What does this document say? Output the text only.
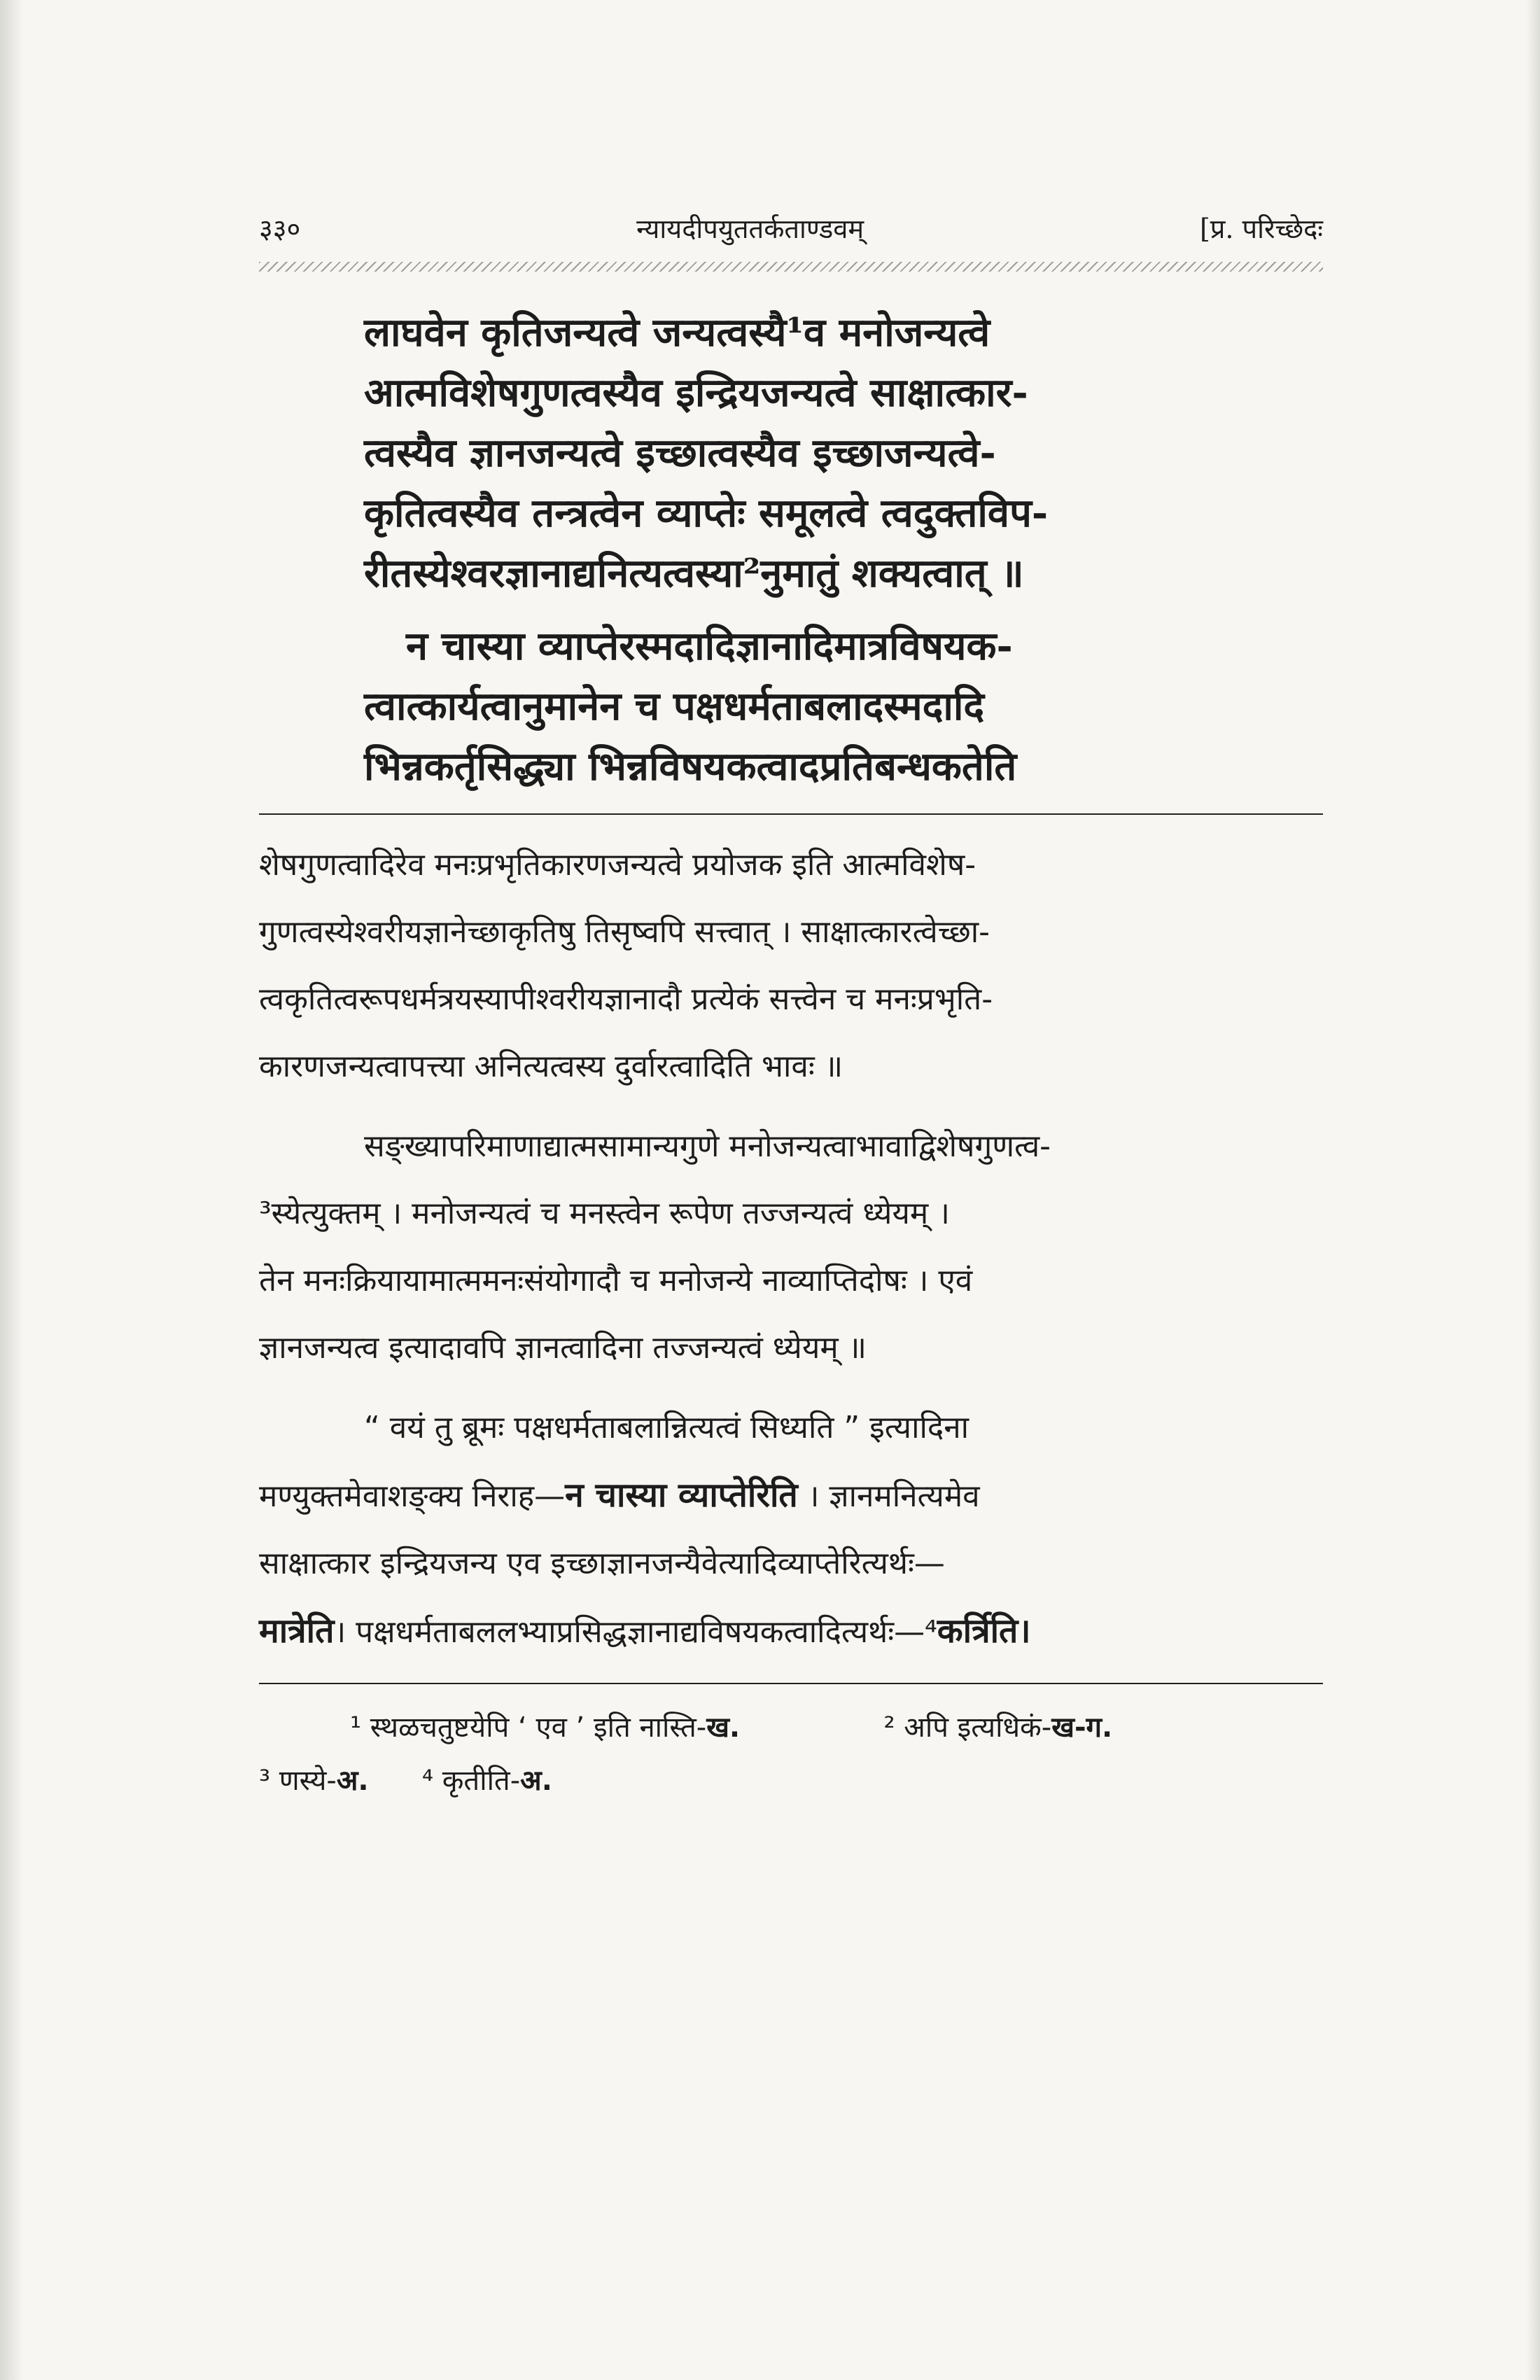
३३०	न्यायदीपयुततर्कताण्डवम्	[प्र. परिच्छेदः
लाघवेन कृतिजन्यत्वे जन्यत्वस्यै¹व मनोजन्यत्वे
आत्मविशेषगुणत्वस्यैव इन्द्रियजन्यत्वे साक्षात्कार-
त्वस्यैव ज्ञानजन्यत्वे इच्छात्वस्यैव इच्छाजन्यत्वे-
कृतित्वस्यैव तन्त्रत्वेन व्याप्तेः समूलत्वे त्वदुक्तविप-
रीतस्येश्वरज्ञानाद्यनित्यत्वस्या²नुमातुं शक्यत्वात् ॥
न चास्या व्याप्तेरस्मदादिज्ञानादिमात्रविषयक-
त्वात्कार्यत्वानुमानेन च पक्षधर्मताबलादस्मदादि
भिन्नकर्तृसिद्ध्या भिन्नविषयकत्वादप्रतिबन्धकतेति
शेषगुणत्वादिरेव मनःप्रभृतिकारणजन्यत्वे प्रयोजक इति आत्मविशेष-
गुणत्वस्येश्वरीयज्ञानेच्छाकृतिषु तिसृष्वपि सत्त्वात् । साक्षात्कारत्वेच्छा-
त्वकृतित्वरूपधर्मत्रयस्यापीश्वरीयज्ञानादौ प्रत्येकं सत्त्वेन च मनःप्रभृति-
कारणजन्यत्वापत्त्या अनित्यत्वस्य दुर्वारत्वादिति भावः ॥
सङ्ख्यापरिमाणाद्यात्मसामान्यगुणे मनोजन्यत्वाभावाद्विशेषगुणत्व-
³स्येत्युक्तम् । मनोजन्यत्वं च मनस्त्वेन रूपेण तज्जन्यत्वं ध्येयम् ।
तेन मनःक्रियायामात्ममनःसंयोगादौ च मनोजन्ये नाव्याप्तिदोषः । एवं
ज्ञानजन्यत्व इत्यादावपि ज्ञानत्वादिना तज्जन्यत्वं ध्येयम् ॥
“ वयं तु ब्रूमः पक्षधर्मताबलान्नित्यत्वं सिध्यति ” इत्यादिना
मण्युक्तमेवाशङ्क्य निराह—न चास्या व्याप्तेरिति । ज्ञानमनित्यमेव
साक्षात्कार इन्द्रियजन्य एव इच्छाज्ञानजन्यैवेत्यादिव्याप्तेरित्यर्थः—
मात्रेति। पक्षधर्मताबललभ्याप्रसिद्धज्ञानाद्यविषयकत्वादित्यर्थः—⁴कर्त्रिति।
¹ स्थळचतुष्टयेपि ‘ एव ’ इति नास्ति-ख.	² अपि इत्यधिकं-ख-ग.
³ णस्ये-अ. ⁴ कृतीति-अ.
